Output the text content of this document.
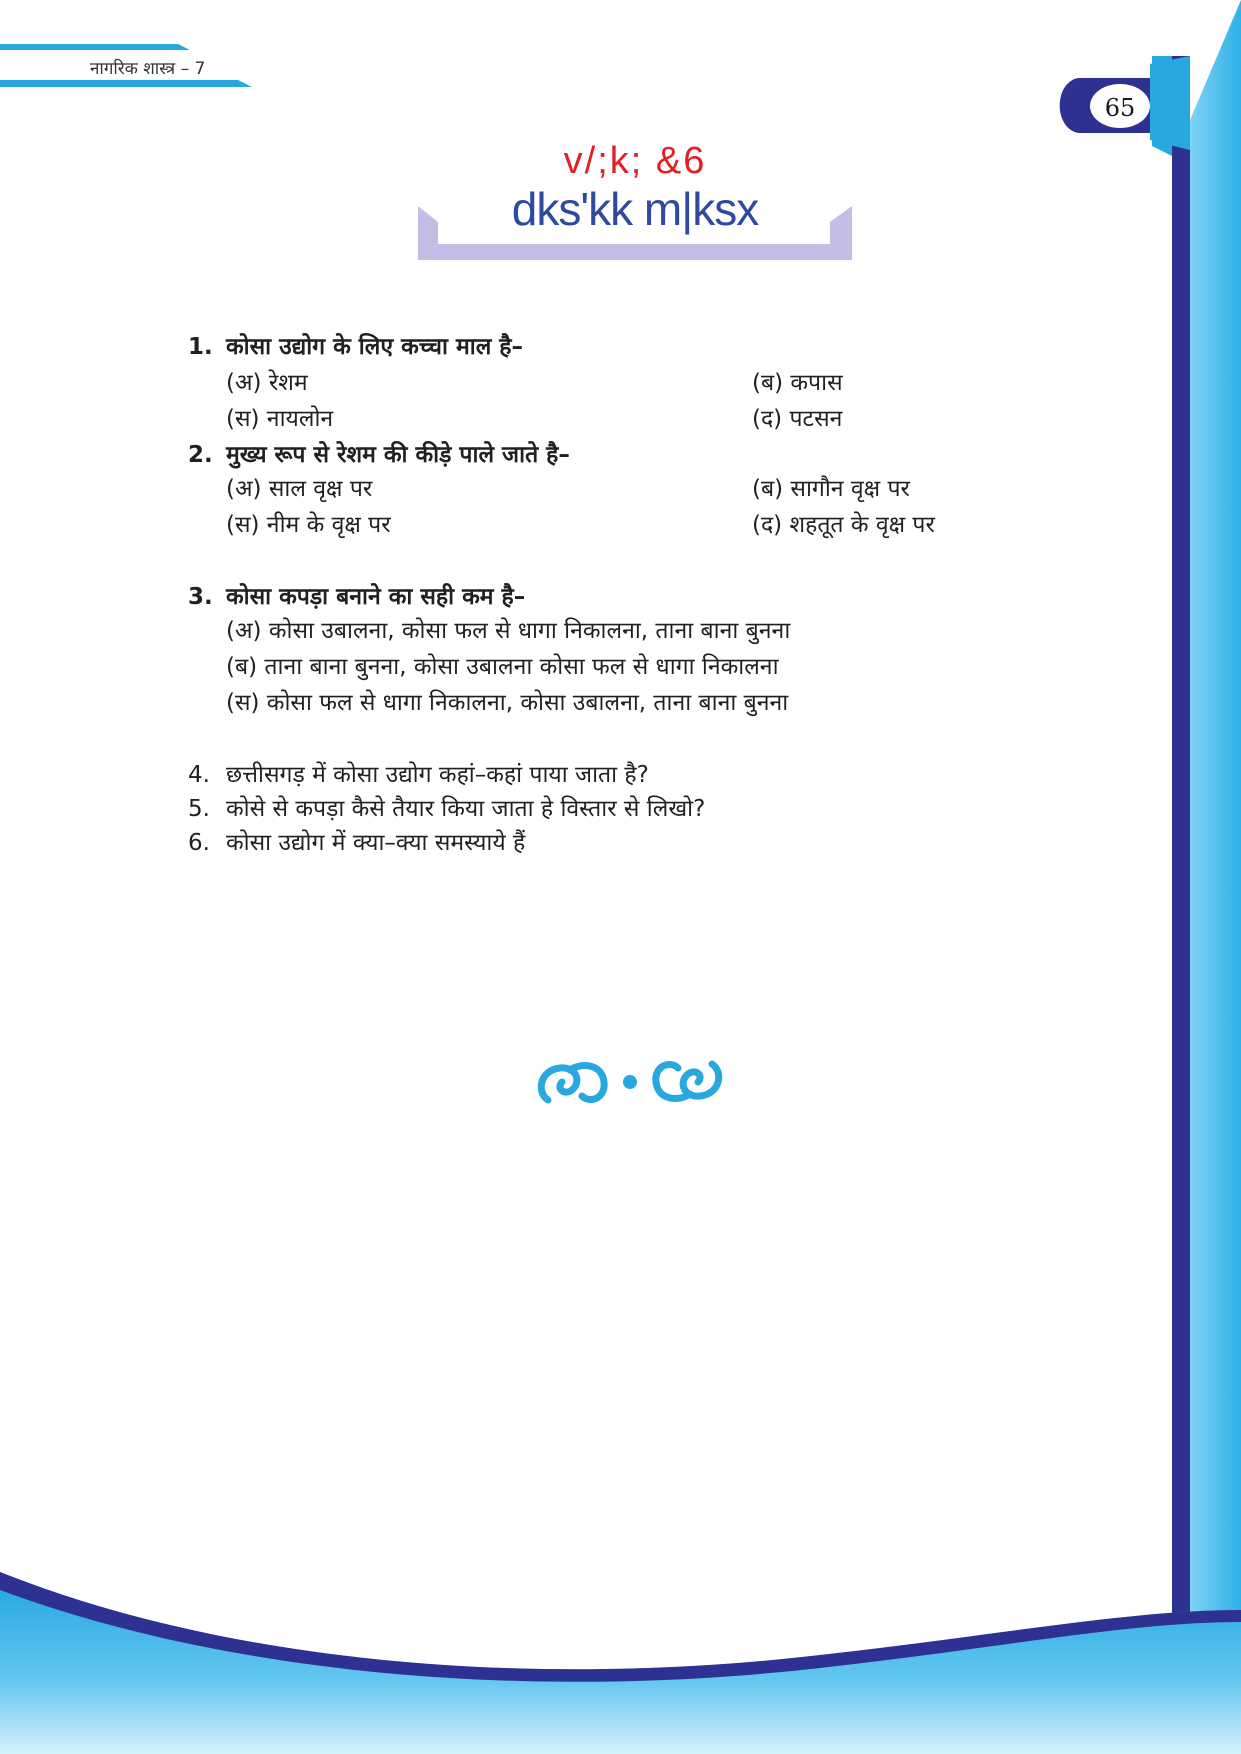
नागरिक शास्त्र – 7
65
v/;k; &6
dks'kk m|ksx
1. कोसा उद्योग के लिए कच्चा माल है–
(अ) रेशम	(ब) कपास
(स) नायलोन	(द) पटसन
2. मुख्य रूप से रेशम की कीड़े पाले जाते है–
(अ) साल वृक्ष पर	(ब) सागौन वृक्ष पर
(स) नीम के वृक्ष पर	(द) शहतूत के वृक्ष पर
3. कोसा कपड़ा बनाने का सही कम है–
(अ) कोसा उबालना, कोसा फल से धागा निकालना, ताना बाना बुनना
(ब) ताना बाना बुनना, कोसा उबालना कोसा फल से धागा निकालना
(स) कोसा फल से धागा निकालना, कोसा उबालना, ताना बाना बुनना
4. छत्तीसगड़ में कोसा उद्योग कहां–कहां पाया जाता है?
5. कोसे से कपड़ा कैसे तैयार किया जाता हे विस्तार से लिखो?
6. कोसा उद्योग में क्या–क्या समस्याये हैं
